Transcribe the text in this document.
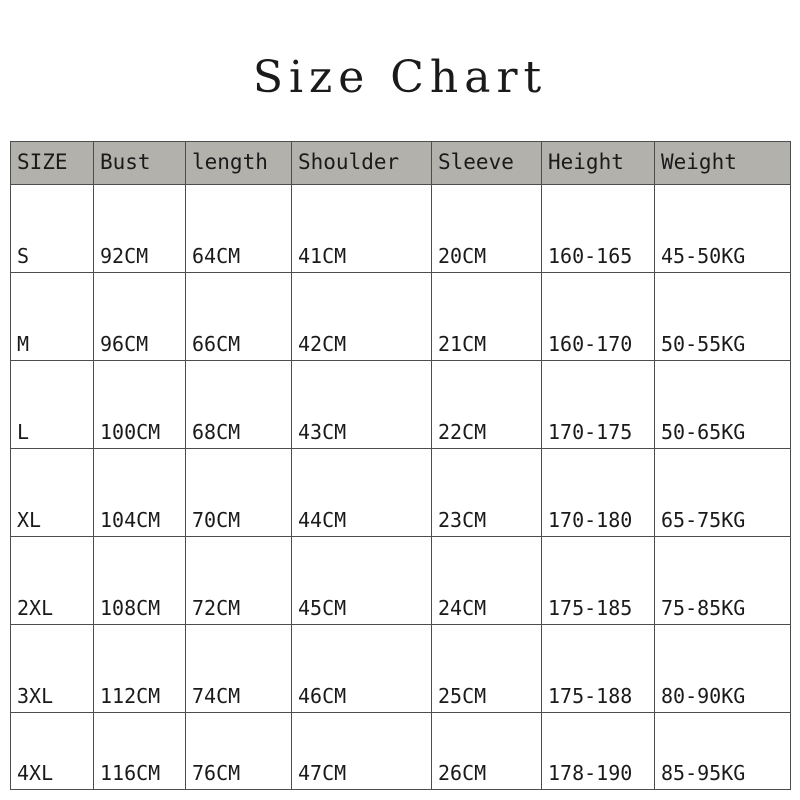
Size Chart
SIZE	Bust	length	Shoulder	Sleeve	Height	Weight
S	92CM	64CM	41CM	20CM	160-165	45-50KG
M	96CM	66CM	42CM	21CM	160-170	50-55KG
L	100CM	68CM	43CM	22CM	170-175	50-65KG
XL	104CM	70CM	44CM	23CM	170-180	65-75KG
2XL	108CM	72CM	45CM	24CM	175-185	75-85KG
3XL	112CM	74CM	46CM	25CM	175-188	80-90KG
4XL	116CM	76CM	47CM	26CM	178-190	85-95KG
